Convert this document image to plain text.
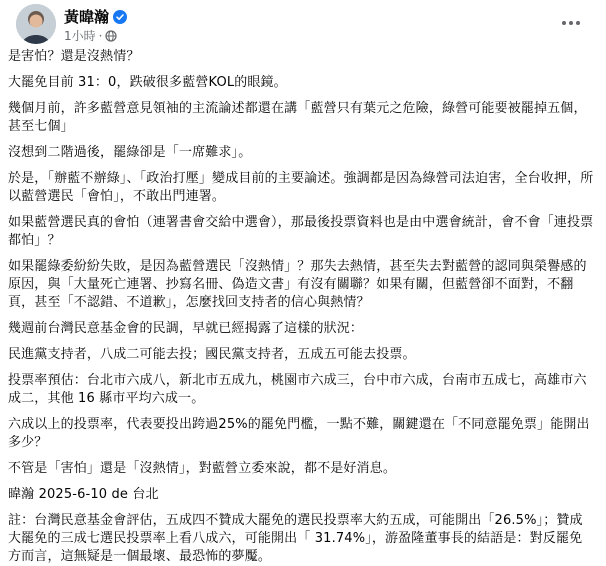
黃暐瀚
1小時 ·

是害怕？還是沒熱情？

大罷免目前 31：0，跌破很多藍營KOL的眼鏡。

幾個月前，許多藍營意見領袖的主流論述都還在講「藍營只有葉元之危險，綠營可能要被罷掉五個，甚至七個」

沒想到二階過後，罷綠卻是「一席難求」。

於是，「辦藍不辦綠」、「政治打壓」變成目前的主要論述。強調都是因為綠營司法迫害，全台收押，所以藍營選民「會怕」，不敢出門連署。

如果藍營選民真的會怕（連署書會交給中選會），那最後投票資料也是由中選會統計，會不會「連投票都怕」？

如果罷綠委紛紛失敗，是因為藍營選民「沒熱情」？那失去熱情，甚至失去對藍營的認同與榮譽感的原因，與「大量死亡連署、抄寫名冊、偽造文書」有沒有關聯？如果有關，但藍營卻不面對，不翻頁，甚至「不認錯、不道歉」，怎麼找回支持者的信心與熱情？

幾週前台灣民意基金會的民調，早就已經揭露了這樣的狀況：

民進黨支持者，八成二可能去投；國民黨支持者，五成五可能去投票。

投票率預估：台北市六成八，新北市五成九，桃園市六成三，台中市六成，台南市五成七，高雄市六成二，其他 16 縣市平均六成一。

六成以上的投票率，代表要投出跨過25%的罷免門檻，一點不難，關鍵還在「不同意罷免票」能開出多少？

不管是「害怕」還是「沒熱情」，對藍營立委來說，都不是好消息。

暐瀚 2025-6-10 de 台北

註：台灣民意基金會評估，五成四不贊成大罷免的選民投票率大約五成，可能開出「26.5%」；贊成大罷免的三成七選民投票率上看八成六，可能開出「 31.74%」，游盈隆董事長的結語是：對反罷免方而言，這無疑是一個最壞、最恐怖的夢魘。
